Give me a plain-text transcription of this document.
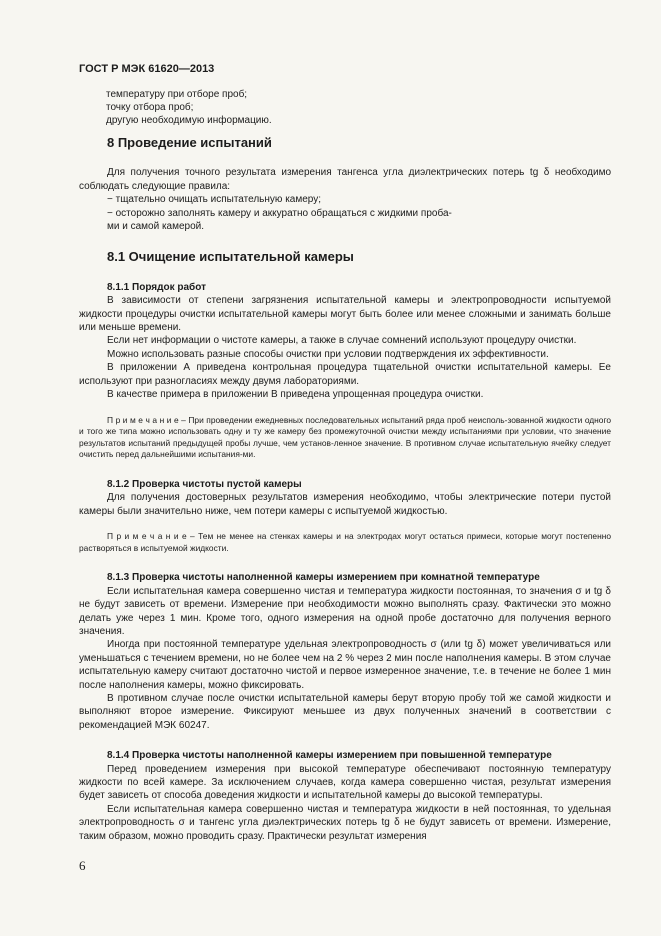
ГОСТ Р МЭК 61620—2013
температуру при отборе проб;
точку отбора проб;
другую необходимую информацию.

8 Проведение испытаний

Для получения точного результата измерения тангенса угла диэлектрических потерь tg δ необходимо соблюдать следующие правила:

− тщательно очищать испытательную камеру;

− осторожно заполнять камеру и аккуратно обращаться с жидкими проба-

ми и самой камерой.

8.1 Очищение испытательной камеры

8.1.1 Порядок работ

В зависимости от степени загрязнения испытательной камеры и электропроводности испытуемой жидкости процедуры очистки испытательной камеры могут быть более или менее сложными и занимать больше или меньше времени.

Если нет информации о чистоте камеры, а также в случае сомнений используют процедуру очистки.

Можно использовать разные способы очистки при условии подтверждения их эффективности.

В приложении А приведена контрольная процедура тщательной очистки испытательной камеры. Ее используют при разногласиях между двумя лабораториями.

В качестве примера в приложении В приведена упрощенная процедура очистки.

П р и м е ч а н и е – При проведении ежедневных последовательных испытаний ряда проб неисполь-зованной жидкости одного и того же типа можно использовать одну и ту же камеру без промежуточной очистки между испытаниями при условии, что значение результатов испытаний предыдущей пробы лучше, чем установ-ленное значение. В противном случае испытательную ячейку следует очистить перед дальнейшими испытания-ми.

8.1.2 Проверка чистоты пустой камеры

Для получения достоверных результатов измерения необходимо, чтобы электрические потери пустой камеры были значительно ниже, чем потери камеры с испытуемой жидкостью.

П р и м е ч а н и е – Тем не менее на стенках камеры и на электродах могут остаться примеси, которые могут постепенно растворяться в испытуемой жидкости.

8.1.3 Проверка чистоты наполненной камеры измерением при комнатной температуре

Если испытательная камера совершенно чистая и температура жидкости постоянная, то значения σ и tg δ не будут зависеть от времени. Измерение при необходимости можно выполнять сразу. Фактически это можно делать уже через 1 мин. Кроме того, одного измерения на одной пробе достаточно для получения верного значения.

Иногда при постоянной температуре удельная электропроводность σ (или tg δ) может увеличиваться или уменьшаться с течением времени, но не более чем на 2 % через 2 мин после наполнения камеры. В этом случае испытательную камеру считают достаточно чистой и первое измеренное значение, т.е. в течение не более 1 мин после наполнения камеры, можно фиксировать.

В противном случае после очистки испытательной камеры берут вторую пробу той же самой жидкости и выполняют второе измерение. Фиксируют меньшее из двух полученных значений в соответствии с рекомендацией МЭК 60247.

8.1.4 Проверка чистоты наполненной камеры измерением при повышенной температуре

Перед проведением измерения при высокой температуре обеспечивают постоянную температуру жидкости по всей камере. За исключением случаев, когда камера совершенно чистая, результат измерения будет зависеть от способа доведения жидкости и испытательной камеры до высокой температуры.

Если испытательная камера совершенно чистая и температура жидкости в ней постоянная, то удельная электропроводность σ и тангенс угла диэлектрических потерь tg δ не будут зависеть от времени. Измерение, таким образом, можно проводить сразу. Практически результат измерения

6
